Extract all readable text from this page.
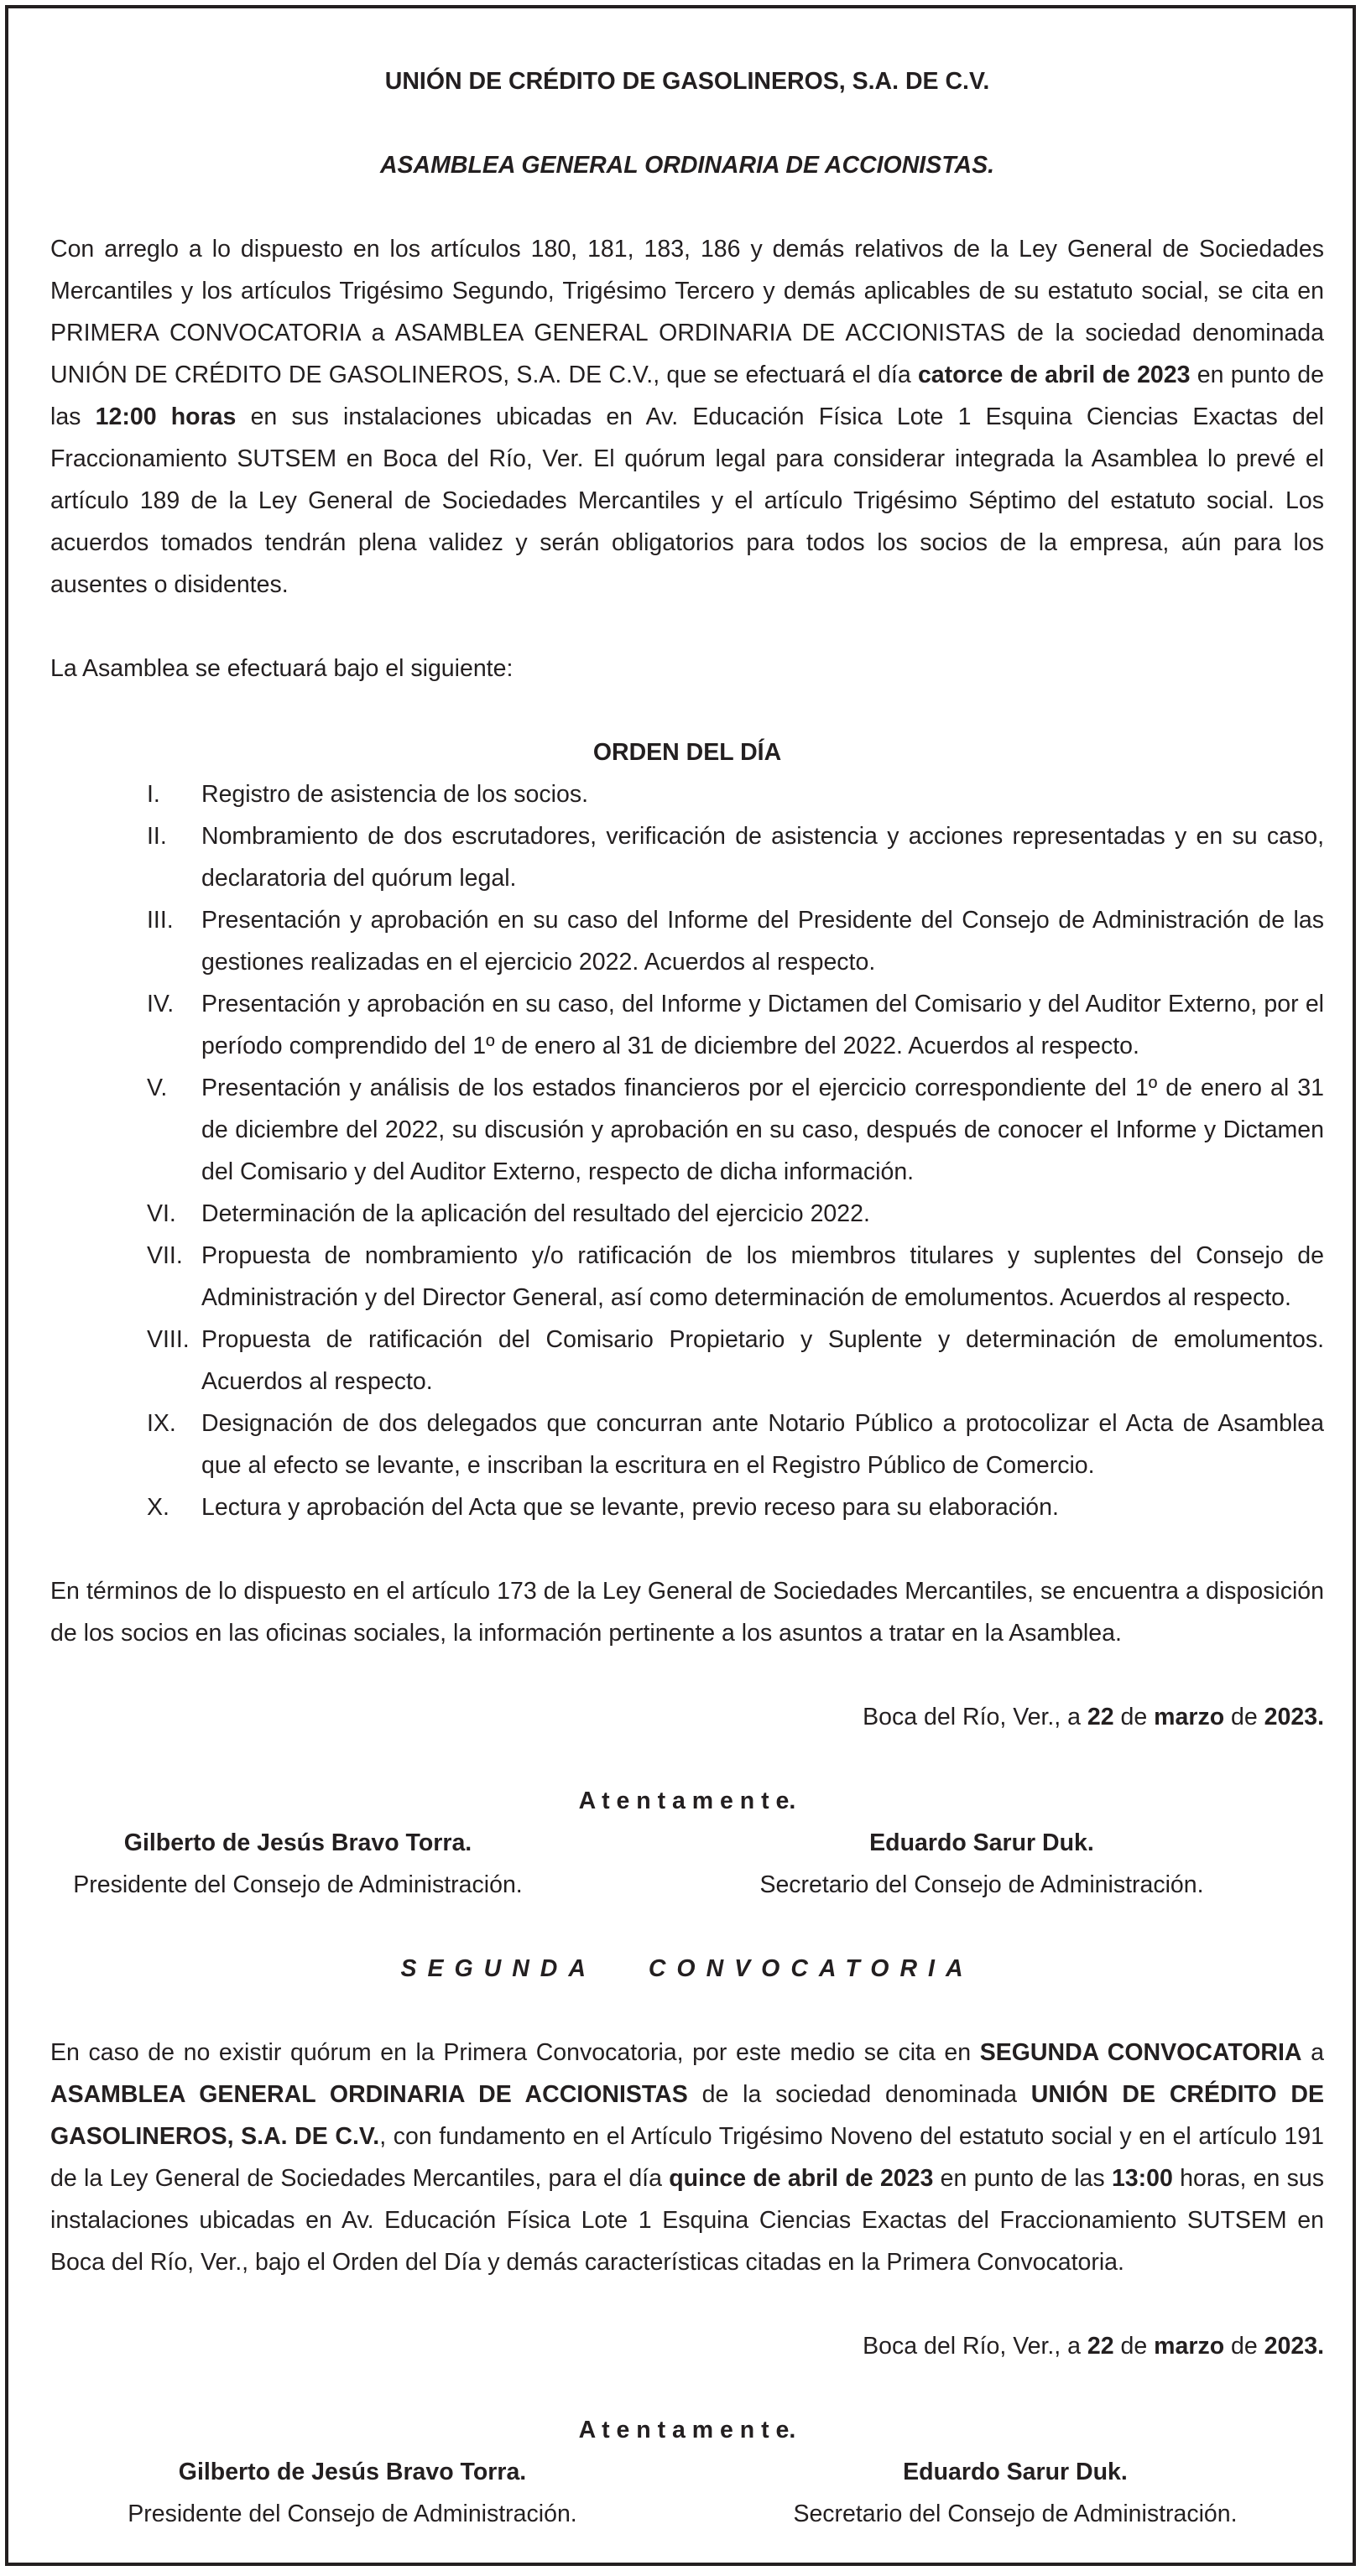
UNIÓN DE CRÉDITO DE GASOLINEROS, S.A. DE C.V.

ASAMBLEA GENERAL ORDINARIA DE ACCIONISTAS.

Con arreglo a lo dispuesto en los artículos 180, 181, 183, 186 y demás relativos de la Ley General de Sociedades Mercantiles y los artículos Trigésimo Segundo, Trigésimo Tercero y demás aplicables de su estatuto social, se cita en PRIMERA CONVOCATORIA a ASAMBLEA GENERAL ORDINARIA DE ACCIONISTAS de la sociedad denominada UNIÓN DE CRÉDITO DE GASOLINEROS, S.A. DE C.V., que se efectuará el día catorce de abril de 2023 en punto de las 12:00 horas en sus instalaciones ubicadas en Av. Educación Física Lote 1 Esquina Ciencias Exactas del Fraccionamiento SUTSEM en Boca del Río, Ver. El quórum legal para considerar integrada la Asamblea lo prevé el artículo 189 de la Ley General de Sociedades Mercantiles y el artículo Trigésimo Séptimo del estatuto social. Los acuerdos tomados tendrán plena validez y serán obligatorios para todos los socios de la empresa, aún para los ausentes o disidentes.

La Asamblea se efectuará bajo el siguiente:

ORDEN DEL DÍA

I. Registro de asistencia de los socios.
II. Nombramiento de dos escrutadores, verificación de asistencia y acciones representadas y en su caso, declaratoria del quórum legal.
III. Presentación y aprobación en su caso del Informe del Presidente del Consejo de Administración de las gestiones realizadas en el ejercicio 2022. Acuerdos al respecto.
IV. Presentación y aprobación en su caso, del Informe y Dictamen del Comisario y del Auditor Externo, por el período comprendido del 1º de enero al 31 de diciembre del 2022. Acuerdos al respecto.
V. Presentación y análisis de los estados financieros por el ejercicio correspondiente del 1º de enero al 31 de diciembre del 2022, su discusión y aprobación en su caso, después de conocer el Informe y Dictamen del Comisario y del Auditor Externo, respecto de dicha información.
VI. Determinación de la aplicación del resultado del ejercicio 2022.
VII. Propuesta de nombramiento y/o ratificación de los miembros titulares y suplentes del Consejo de Administración y del Director General, así como determinación de emolumentos. Acuerdos al respecto.
VIII. Propuesta de ratificación del Comisario Propietario y Suplente y determinación de emolumentos. Acuerdos al respecto.
IX. Designación de dos delegados que concurran ante Notario Público a protocolizar el Acta de Asamblea que al efecto se levante, e inscriban la escritura en el Registro Público de Comercio.
X. Lectura y aprobación del Acta que se levante, previo receso para su elaboración.

En términos de lo dispuesto en el artículo 173 de la Ley General de Sociedades Mercantiles, se encuentra a disposición de los socios en las oficinas sociales, la información pertinente a los asuntos a tratar en la Asamblea.

Boca del Río, Ver., a 22 de marzo de 2023.

A t e n t a m e n t e.

Gilberto de Jesús Bravo Torra.
Presidente del Consejo de Administración.
Eduardo Sarur Duk.
Secretario del Consejo de Administración.

SEGUNDA CONVOCATORIA

En caso de no existir quórum en la Primera Convocatoria, por este medio se cita en SEGUNDA CONVOCATORIA a ASAMBLEA GENERAL ORDINARIA DE ACCIONISTAS de la sociedad denominada UNIÓN DE CRÉDITO DE GASOLINEROS, S.A. DE C.V., con fundamento en el Artículo Trigésimo Noveno del estatuto social y en el artículo 191 de la Ley General de Sociedades Mercantiles, para el día quince de abril de 2023 en punto de las 13:00 horas, en sus instalaciones ubicadas en Av. Educación Física Lote 1 Esquina Ciencias Exactas del Fraccionamiento SUTSEM en Boca del Río, Ver., bajo el Orden del Día y demás características citadas en la Primera Convocatoria.

Boca del Río, Ver., a 22 de marzo de 2023.

A t e n t a m e n t e.

Gilberto de Jesús Bravo Torra.
Presidente del Consejo de Administración.
Eduardo Sarur Duk.
Secretario del Consejo de Administración.
